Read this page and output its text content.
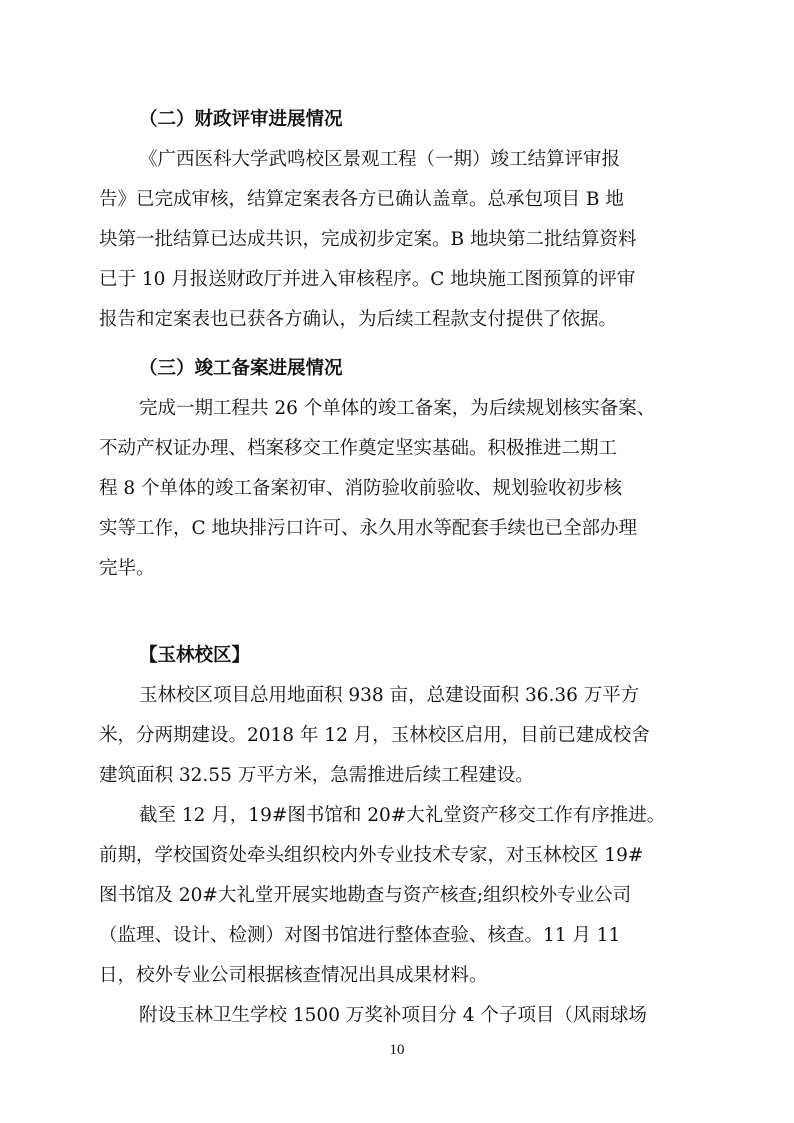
（二）财政评审进展情况
《广西医科大学武鸣校区景观工程（一期）竣工结算评审报
告》已完成审核，结算定案表各方已确认盖章。总承包项目 B 地
块第一批结算已达成共识，完成初步定案。B 地块第二批结算资料
已于 10 月报送财政厅并进入审核程序。C 地块施工图预算的评审
报告和定案表也已获各方确认，为后续工程款支付提供了依据。
（三）竣工备案进展情况
完成一期工程共 26 个单体的竣工备案，为后续规划核实备案、
不动产权证办理、档案移交工作奠定坚实基础。积极推进二期工
程 8 个单体的竣工备案初审、消防验收前验收、规划验收初步核
实等工作，C 地块排污口许可、永久用水等配套手续也已全部办理
完毕。
【玉林校区】
玉林校区项目总用地面积 938 亩，总建设面积 36.36 万平方
米，分两期建设。2018 年 12 月，玉林校区启用，目前已建成校舍
建筑面积 32.55 万平方米，急需推进后续工程建设。
截至 12 月，19#图书馆和 20#大礼堂资产移交工作有序推进。
前期，学校国资处牵头组织校内外专业技术专家，对玉林校区 19#
图书馆及 20#大礼堂开展实地勘查与资产核查;组织校外专业公司
（监理、设计、检测）对图书馆进行整体查验、核查。11 月 11
日，校外专业公司根据核查情况出具成果材料。
附设玉林卫生学校 1500 万奖补项目分 4 个子项目（风雨球场
10
